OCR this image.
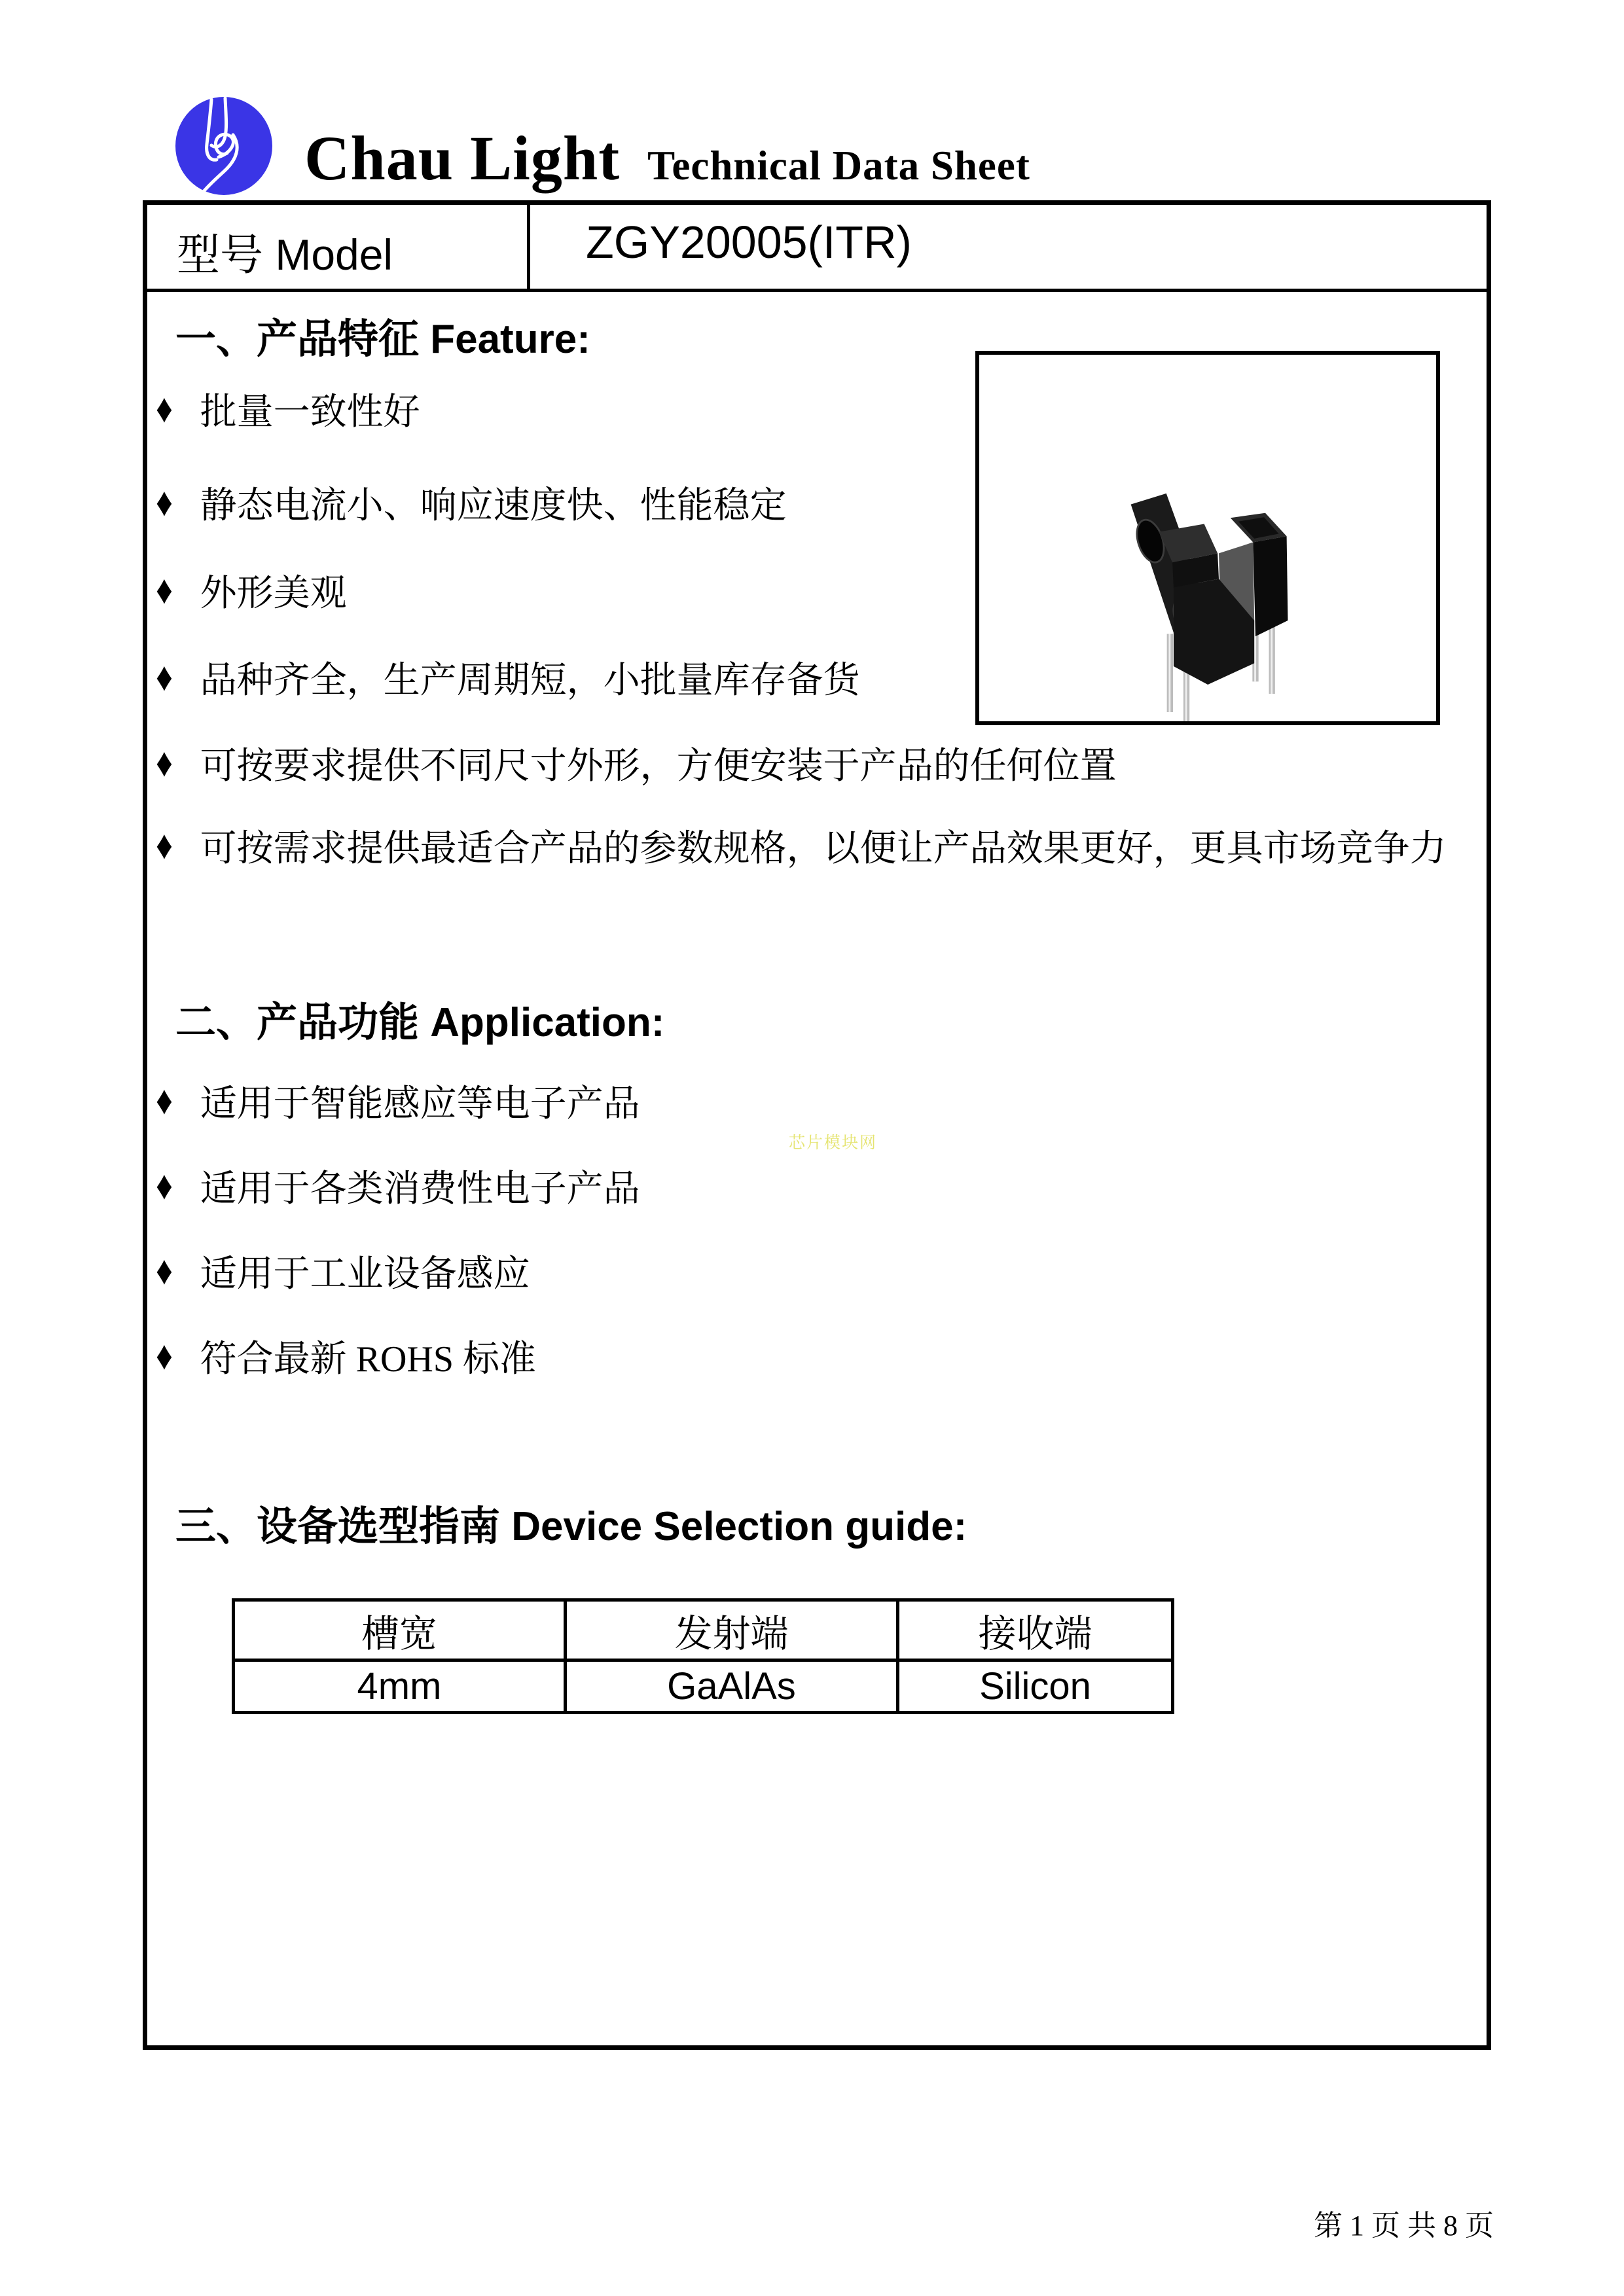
Chau Light Technical Data Sheet
型号 Model	ZGY20005(ITR)
一、产品特征 Feature:
♦ 批量一致性好
♦ 静态电流小、响应速度快、性能稳定
♦ 外形美观
♦ 品种齐全，生产周期短，小批量库存备货
♦ 可按要求提供不同尺寸外形，方便安装于产品的任何位置
♦ 可按需求提供最适合产品的参数规格，以便让产品效果更好，更具市场竞争力
二、产品功能 Application:
♦ 适用于智能感应等电子产品
♦ 适用于各类消费性电子产品
♦ 适用于工业设备感应
♦ 符合最新 ROHS 标准
芯片模块网
三、设备选型指南 Device Selection guide:
槽宽	发射端	接收端
4mm	GaAlAs	Silicon
第 1 页 共 8 页
